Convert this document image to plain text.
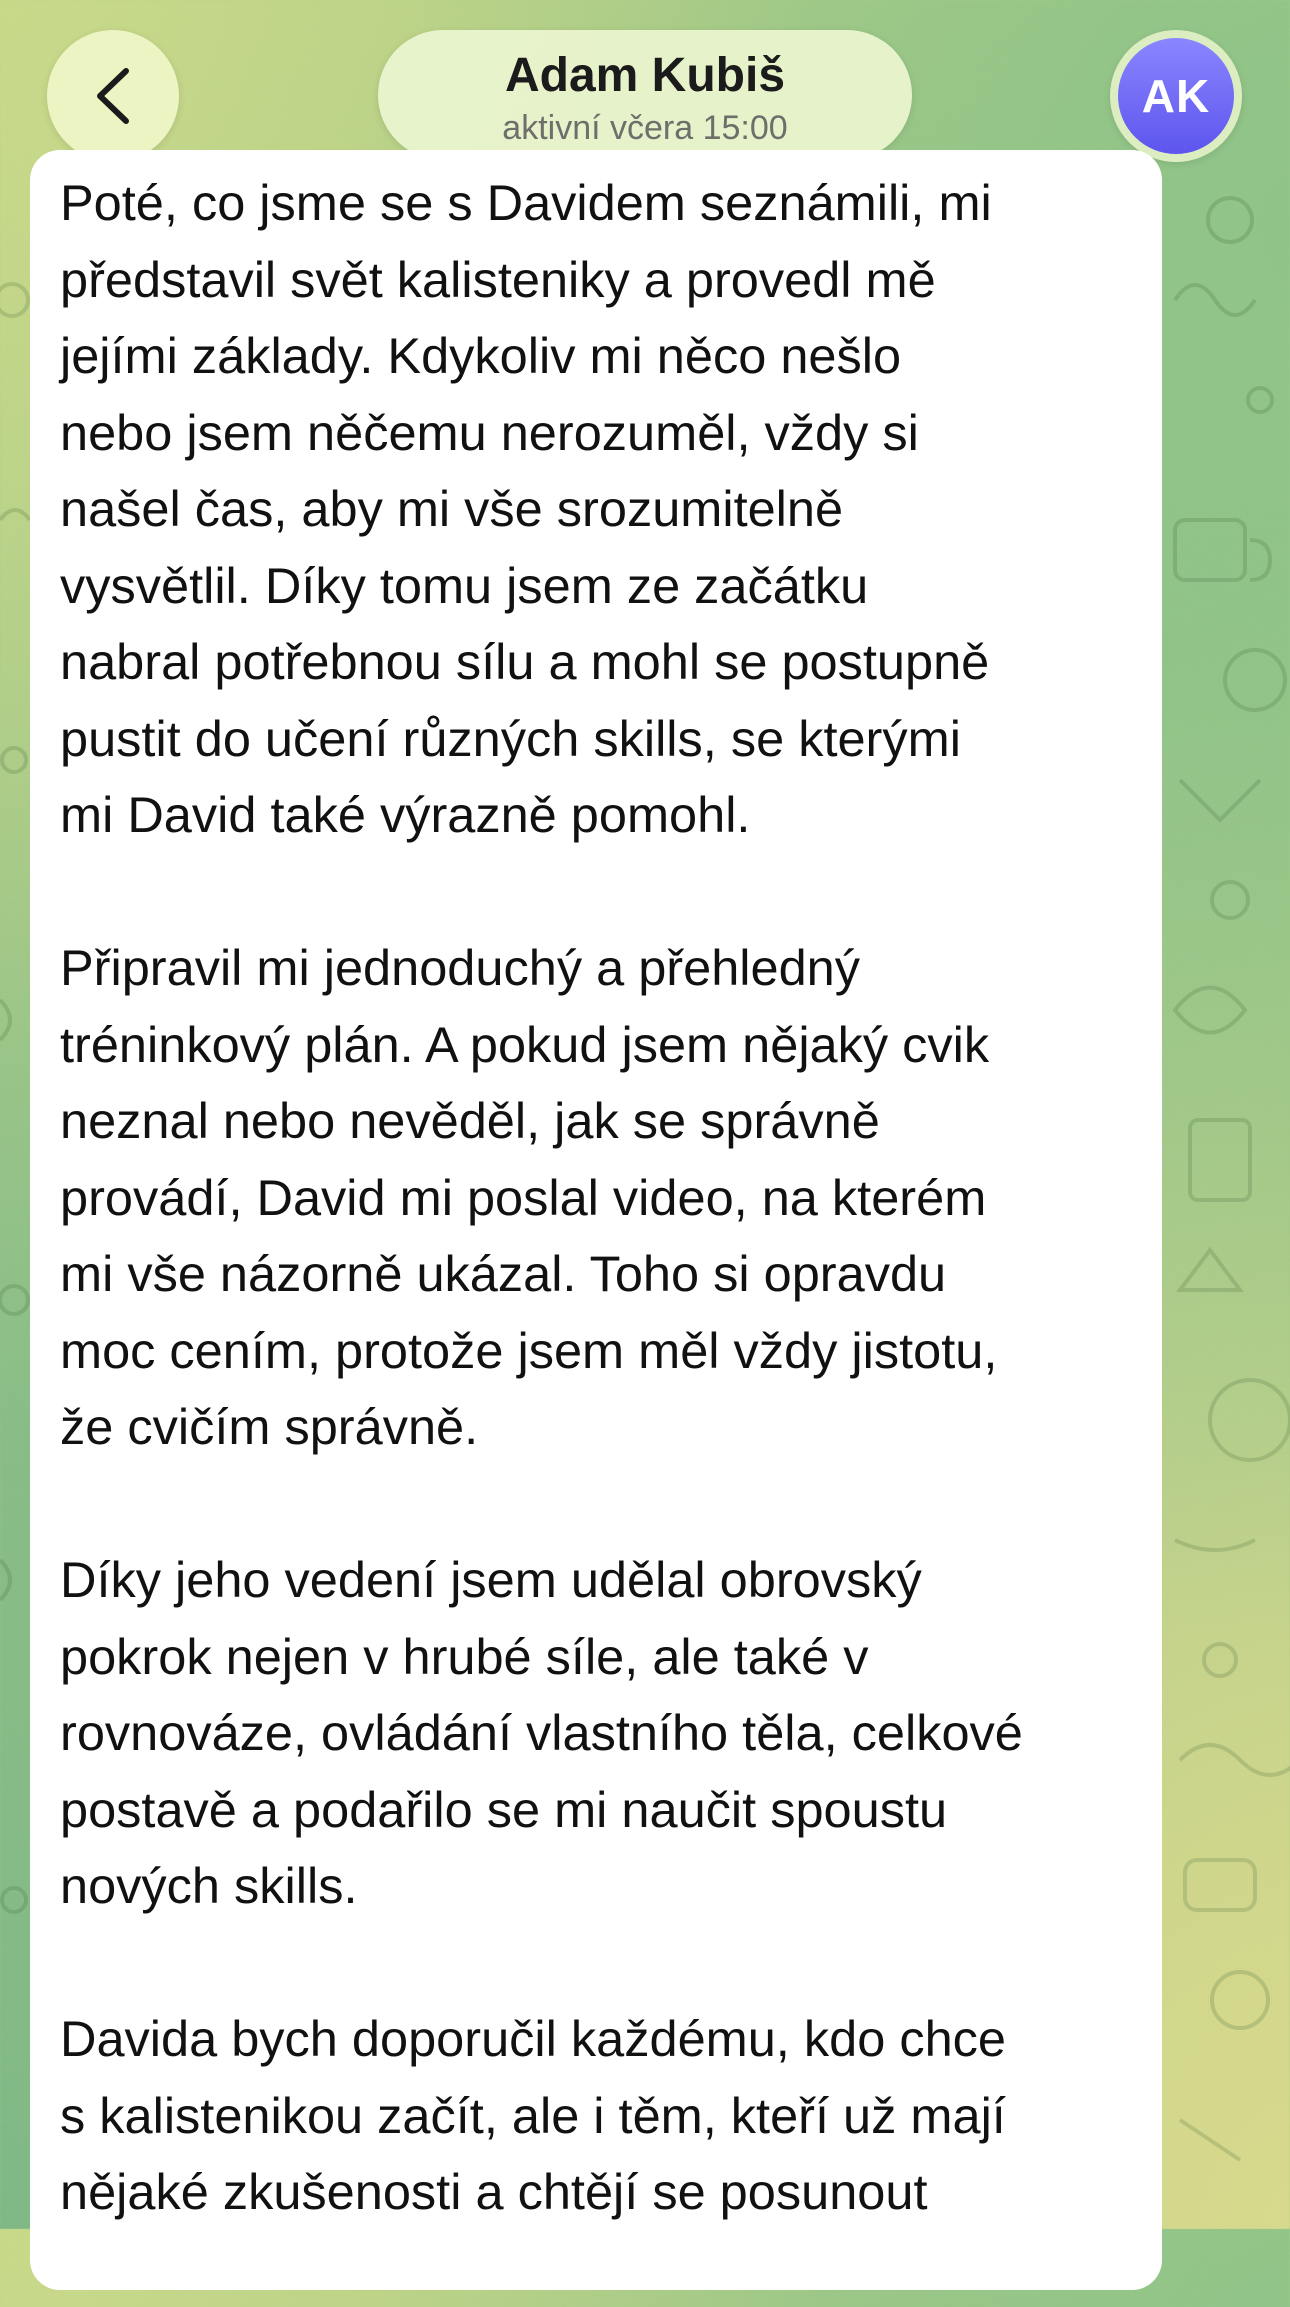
Adam Kubiš
aktivní včera 15:00
AK

Poté, co jsme se s Davidem seznámili, mi
představil svět kalisteniky a provedl mě
jejími základy. Kdykoliv mi něco nešlo
nebo jsem něčemu nerozuměl, vždy si
našel čas, aby mi vše srozumitelně
vysvětlil. Díky tomu jsem ze začátku
nabral potřebnou sílu a mohl se postupně
pustit do učení různých skills, se kterými
mi David také výrazně pomohl.

Připravil mi jednoduchý a přehledný
tréninkový plán. A pokud jsem nějaký cvik
neznal nebo nevěděl, jak se správně
provádí, David mi poslal video, na kterém
mi vše názorně ukázal. Toho si opravdu
moc cením, protože jsem měl vždy jistotu,
že cvičím správně.

Díky jeho vedení jsem udělal obrovský
pokrok nejen v hrubé síle, ale také v
rovnováze, ovládání vlastního těla, celkové
postavě a podařilo se mi naučit spoustu
nových skills.

Davida bych doporučil každému, kdo chce
s kalistenikou začít, ale i těm, kteří už mají
nějaké zkušenosti a chtějí se posunout
